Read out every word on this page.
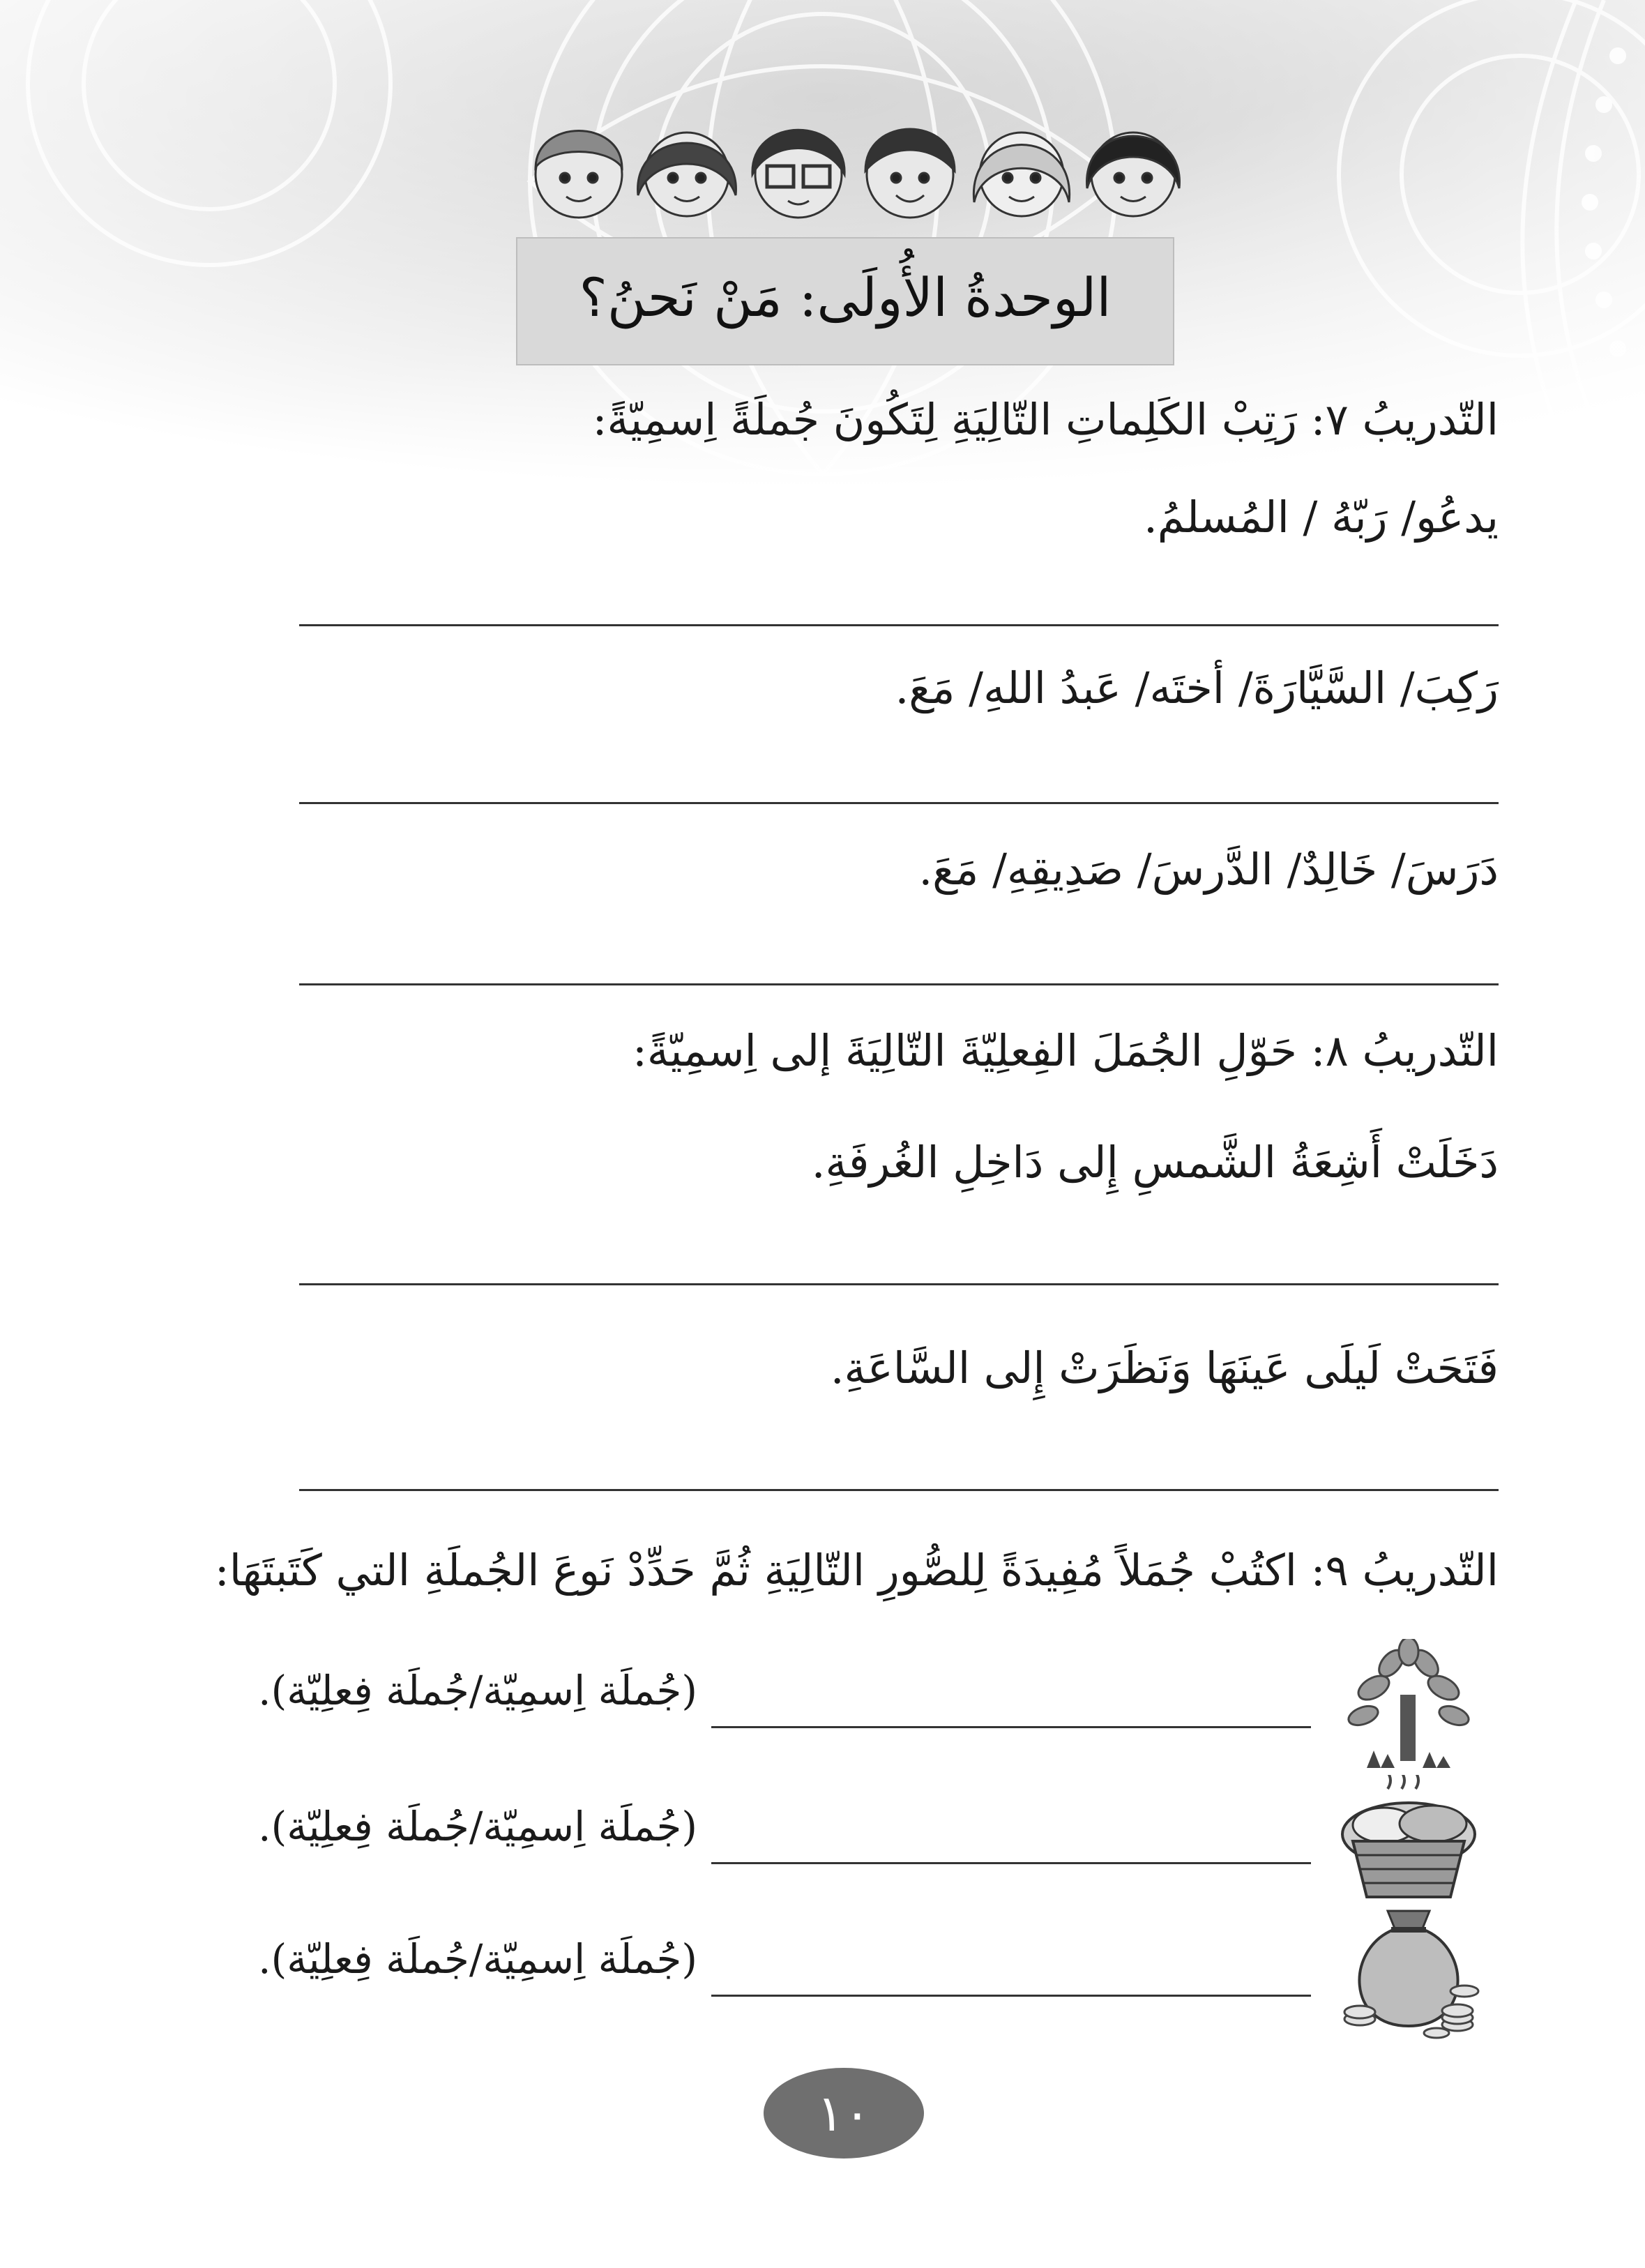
الوحدةُ الأُولَى: مَنْ نَحنُ؟
التّدريبُ ٧: رَتِبْ الكَلِماتِ التّالِيَةِ لِتَكُونَ جُملَةً اِسمِيّةً:
يدعُو/ رَبّهُ / المُسلمُ.
رَكِبَ/ السَّيَّارَةَ/ أختَه/ عَبدُ اللهِ/ مَعَ.
دَرَسَ/ خَالِدٌ/ الدَّرسَ/ صَدِيقِهِ/ مَعَ.
التّدريبُ ٨: حَوّلِ الجُمَلَ الفِعلِيّةَ التّالِيَةَ إلى اِسمِيّةً:
دَخَلَتْ أَشِعَةُ الشَّمسِ إِلى دَاخِلِ الغُرفَةِ.
فَتَحَتْ لَيلَى عَينَهَا وَنَظَرَتْ إِلى السَّاعَةِ.
التّدريبُ ٩: اكتُبْ جُمَلاً مُفِيدَةً لِلصُّورِ التّالِيَةِ ثُمَّ حَدِّدْ نَوعَ الجُملَةِ التي كَتَبتَهَا:
(جُملَة اِسمِيّة/جُملَة فِعلِيّة).
(جُملَة اِسمِيّة/جُملَة فِعلِيّة).
(جُملَة اِسمِيّة/جُملَة فِعلِيّة).
١٠
